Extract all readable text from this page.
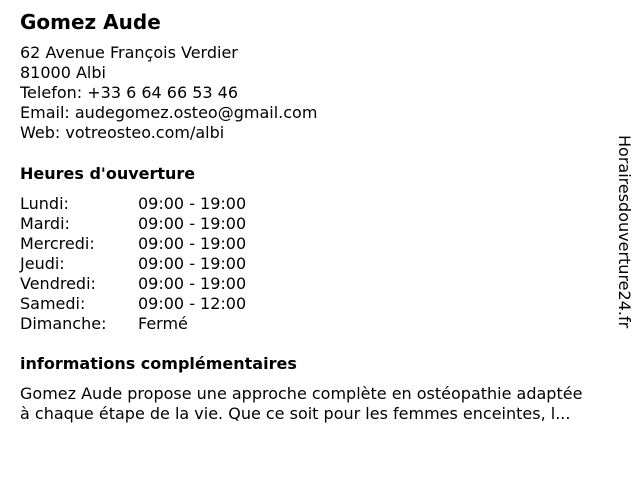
Gomez Aude
62 Avenue François Verdier
81000 Albi
Telefon: +33 6 64 66 53 46
Email: audegomez.osteo@gmail.com
Web: votreosteo.com/albi
Heures d'ouverture
Lundi:	09:00 - 19:00
Mardi:	09:00 - 19:00
Mercredi:	09:00 - 19:00
Jeudi:	09:00 - 19:00
Vendredi:	09:00 - 19:00
Samedi:	09:00 - 12:00
Dimanche:	Fermé
informations complémentaires
Gomez Aude propose une approche complète en ostéopathie adaptée
à chaque étape de la vie. Que ce soit pour les femmes enceintes, l...
Horairesdouverture24.fr
